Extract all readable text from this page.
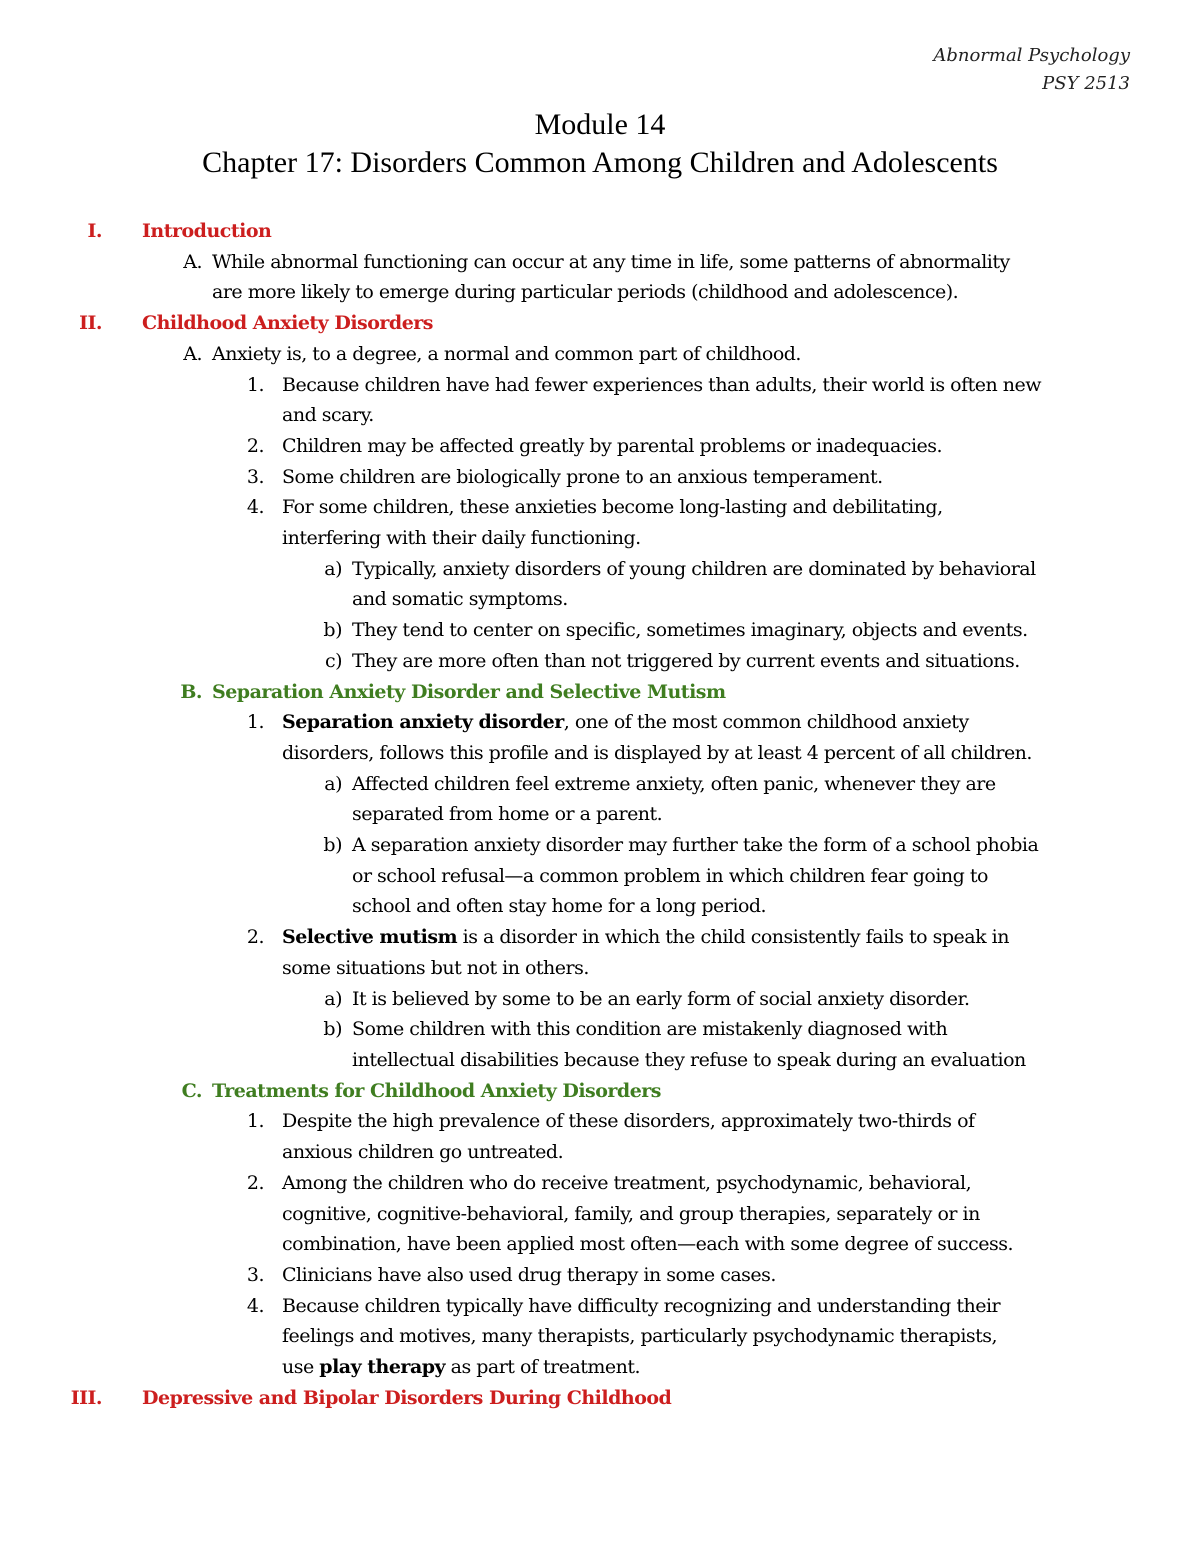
Abnormal Psychology
PSY 2513
Module 14
Chapter 17: Disorders Common Among Children and Adolescents
I. Introduction
A. While abnormal functioning can occur at any time in life, some patterns of abnormality
are more likely to emerge during particular periods (childhood and adolescence).
II. Childhood Anxiety Disorders
A. Anxiety is, to a degree, a normal and common part of childhood.
1. Because children have had fewer experiences than adults, their world is often new
and scary.
2. Children may be affected greatly by parental problems or inadequacies.
3. Some children are biologically prone to an anxious temperament.
4. For some children, these anxieties become long-lasting and debilitating,
interfering with their daily functioning.
a) Typically, anxiety disorders of young children are dominated by behavioral
and somatic symptoms.
b) They tend to center on specific, sometimes imaginary, objects and events.
c) They are more often than not triggered by current events and situations.
B. Separation Anxiety Disorder and Selective Mutism
1. Separation anxiety disorder, one of the most common childhood anxiety
disorders, follows this profile and is displayed by at least 4 percent of all children.
a) Affected children feel extreme anxiety, often panic, whenever they are
separated from home or a parent.
b) A separation anxiety disorder may further take the form of a school phobia
or school refusal—a common problem in which children fear going to
school and often stay home for a long period.
2. Selective mutism is a disorder in which the child consistently fails to speak in
some situations but not in others.
a) It is believed by some to be an early form of social anxiety disorder.
b) Some children with this condition are mistakenly diagnosed with
intellectual disabilities because they refuse to speak during an evaluation
C. Treatments for Childhood Anxiety Disorders
1. Despite the high prevalence of these disorders, approximately two-thirds of
anxious children go untreated.
2. Among the children who do receive treatment, psychodynamic, behavioral,
cognitive, cognitive-behavioral, family, and group therapies, separately or in
combination, have been applied most often—each with some degree of success.
3. Clinicians have also used drug therapy in some cases.
4. Because children typically have difficulty recognizing and understanding their
feelings and motives, many therapists, particularly psychodynamic therapists,
use play therapy as part of treatment.
III. Depressive and Bipolar Disorders During Childhood
